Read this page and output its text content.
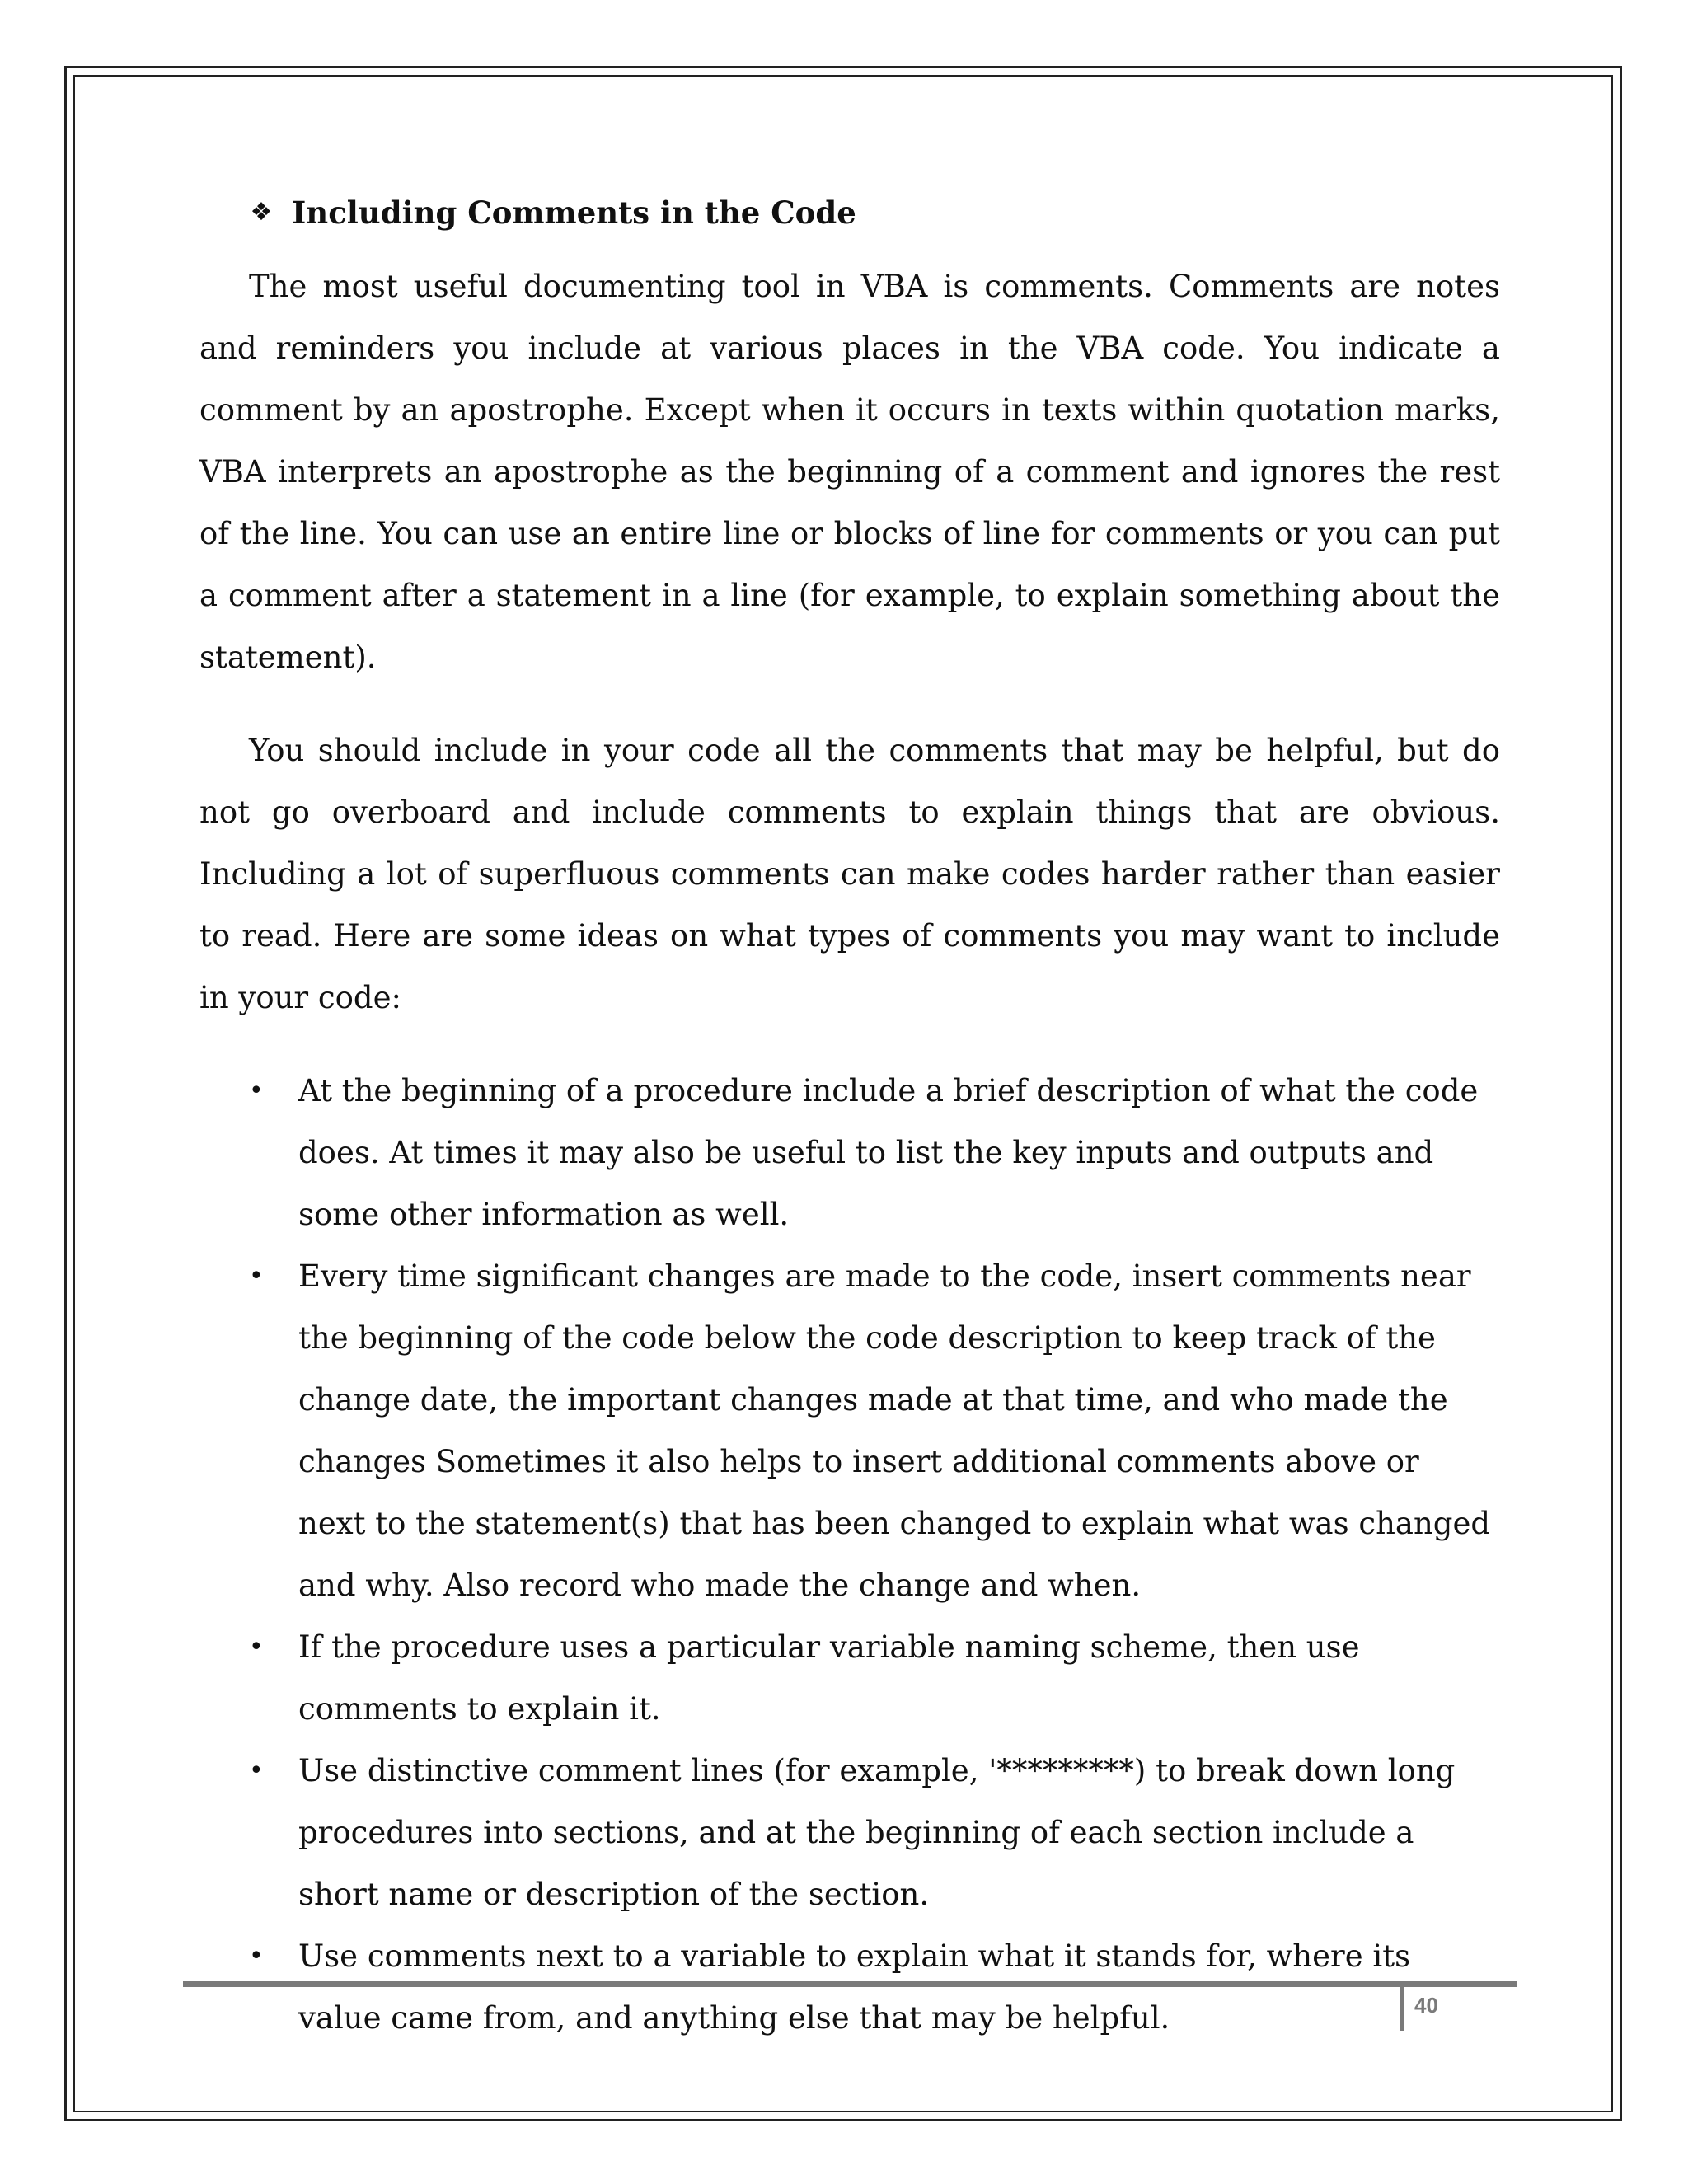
❖ Including Comments in the Code

The most useful documenting tool in VBA is comments. Comments are notes and reminders you include at various places in the VBA code. You indicate a comment by an apostrophe. Except when it occurs in texts within quotation marks, VBA interprets an apostrophe as the beginning of a comment and ignores the rest of the line. You can use an entire line or blocks of line for comments or you can put a comment after a statement in a line (for example, to explain something about the statement).

You should include in your code all the comments that may be helpful, but do not go overboard and include comments to explain things that are obvious. Including a lot of superfluous comments can make codes harder rather than easier to read. Here are some ideas on what types of comments you may want to include in your code:

• At the beginning of a procedure include a brief description of what the code does. At times it may also be useful to list the key inputs and outputs and some other information as well.
• Every time significant changes are made to the code, insert comments near the beginning of the code below the code description to keep track of the change date, the important changes made at that time, and who made the changes Sometimes it also helps to insert additional comments above or next to the statement(s) that has been changed to explain what was changed and why. Also record who made the change and when.
• If the procedure uses a particular variable naming scheme, then use comments to explain it.
• Use distinctive comment lines (for example, '*********) to break down long procedures into sections, and at the beginning of each section include a short name or description of the section.
• Use comments next to a variable to explain what it stands for, where its value came from, and anything else that may be helpful.	40
